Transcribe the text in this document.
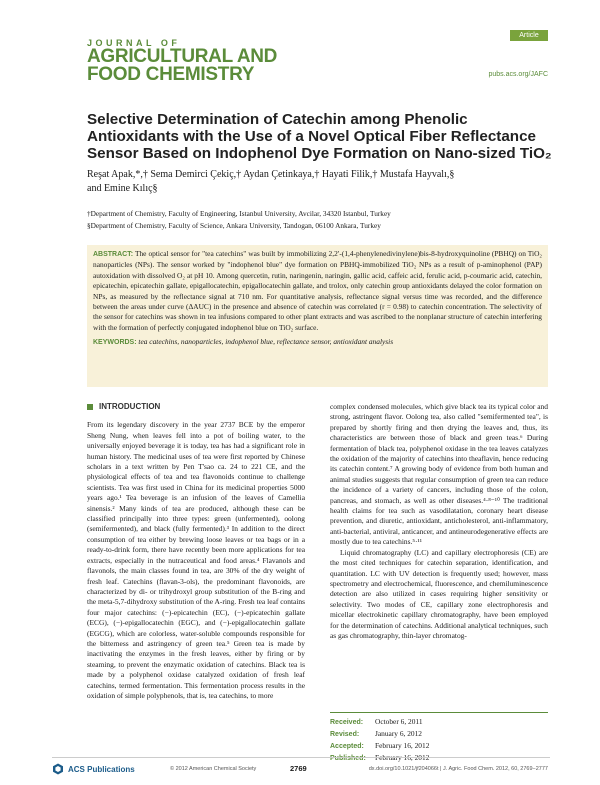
JOURNAL OF
AGRICULTURAL AND
FOOD CHEMISTRY
Article
pubs.acs.org/JAFC
Selective Determination of Catechin among Phenolic Antioxidants with the Use of a Novel Optical Fiber Reflectance Sensor Based on Indophenol Dye Formation on Nano-sized TiO₂
Reşat Apak,*,† Sema Demirci Çekiç,† Aydan Çetinkaya,† Hayati Filik,† Mustafa Hayvalı,§
and Emine Kılıç§
†Department of Chemistry, Faculty of Engineering, Istanbul University, Avcilar, 34320 Istanbul, Turkey
§Department of Chemistry, Faculty of Science, Ankara University, Tandogan, 06100 Ankara, Turkey
ABSTRACT: The optical sensor for "tea catechins" was built by immobilizing 2,2′-(1,4-phenylenedivinylene)bis-8-hydroxyquinoline (PBHQ) on TiO₂ nanoparticles (NPs). The sensor worked by "indophenol blue" dye formation on PBHQ-immobilized TiO₂ NPs as a result of p-aminophenol (PAP) autoxidation with dissolved O₂ at pH 10. Among quercetin, rutin, naringenin, naringin, gallic acid, caffeic acid, ferulic acid, p-coumaric acid, catechin, epicatechin, epicatechin gallate, epigallocatechin, epigallocatechin gallate, and trolox, only catechin group antioxidants delayed the color formation on NPs, as measured by the reflectance signal at 710 nm. For quantitative analysis, reflectance signal versus time was recorded, and the difference between the areas under curve (ΔAUC) in the presence and absence of catechin was correlated (r = 0.98) to catechin concentration. The selectivity of the sensor for catechins was shown in tea infusions compared to other plant extracts and was ascribed to the nonplanar structure of catechin interfering with the formation of perfectly conjugated indophenol blue on TiO₂ surface.
KEYWORDS: tea catechins, nanoparticles, indophenol blue, reflectance sensor, antioxidant analysis
INTRODUCTION

From its legendary discovery in the year 2737 BCE by the emperor Sheng Nung, when leaves fell into a pot of boiling water, to the universally enjoyed beverage it is today, tea has had a significant role in human history. The medicinal uses of tea were first reported by Chinese scholars in a text written by Pen T'sao ca. 24 to 221 CE, and the physiological effects of tea and tea flavonoids continue to challenge scientists. Tea was first used in China for its medicinal properties 5000 years ago.¹ Tea beverage is an infusion of the leaves of Camellia sinensis.² Many kinds of tea are produced, although these can be classified principally into three types: green (unfermented), oolong (semifermented), and black (fully fermented).³ In addition to the direct consumption of tea either by brewing loose leaves or tea bags or in a ready-to-drink form, there have recently been more applications for tea extracts, especially in the nutraceutical and food areas.⁴ Flavanols and flavonols, the main classes found in tea, are 30% of the dry weight of fresh leaf. Catechins (flavan-3-ols), the predominant flavonoids, are characterized by di- or trihydroxyl group substitution of the B-ring and the meta-5,7-dihydroxy substitution of the A-ring. Fresh tea leaf contains four major catechins: (−)-epicatechin (EC), (−)-epicatechin gallate (ECG), (−)-epigallocatechin (EGC), and (−)-epigallocatechin gallate (EGCG), which are colorless, water-soluble compounds responsible for the bitterness and astringency of green tea.⁵ Green tea is made by inactivating the enzymes in the fresh leaves, either by firing or by steaming, to prevent the enzymatic oxidation of catechins. Black tea is made by a polyphenol oxidase catalyzed oxidation of fresh leaf catechins, termed fermentation. This fermentation process results in the oxidation of simple polyphenols, that is, tea catechins, to more

complex condensed molecules, which give black tea its typical color and strong, astringent flavor. Oolong tea, also called "semifermented tea", is prepared by shortly firing and then drying the leaves and, thus, its characteristics are between those of black and green teas.⁶ During fermentation of black tea, polyphenol oxidase in the tea leaves catalyzes the oxidation of the majority of catechins into theaflavin, hence reducing its catechin content.⁷ A growing body of evidence from both human and animal studies suggests that regular consumption of green tea can reduce the incidence of a variety of cancers, including those of the colon, pancreas, and stomach, as well as other diseases.⁴·⁸⁻¹⁰ The traditional health claims for tea such as vasodilatation, coronary heart disease prevention, and diuretic, antioxidant, anticholesterol, anti-inflammatory, anti-bacterial, antiviral, anticancer, and antineurodegenerative effects are mostly due to tea catechins.⁵·¹¹

Liquid chromatography (LC) and capillary electrophoresis (CE) are the most cited techniques for catechin separation, identification, and quantitation. LC with UV detection is frequently used; however, mass spectrometry and electrochemical, fluorescence, and chemiluminescence detection are also utilized in cases requiring higher sensitivity or selectivity. Two modes of CE, capillary zone electrophoresis and micellar electrokinetic capillary chromatography, have been employed for the determination of catechins. Additional analytical techniques, such as gas chromatography, thin-layer chromatog-

Received: October 6, 2011
Revised: January 6, 2012
Accepted: February 16, 2012
Published: February 16, 2012
ACS Publications	© 2012 American Chemical Society	2769	dx.doi.org/10.1021/jf204066t | J. Agric. Food Chem. 2012, 60, 2769−2777
